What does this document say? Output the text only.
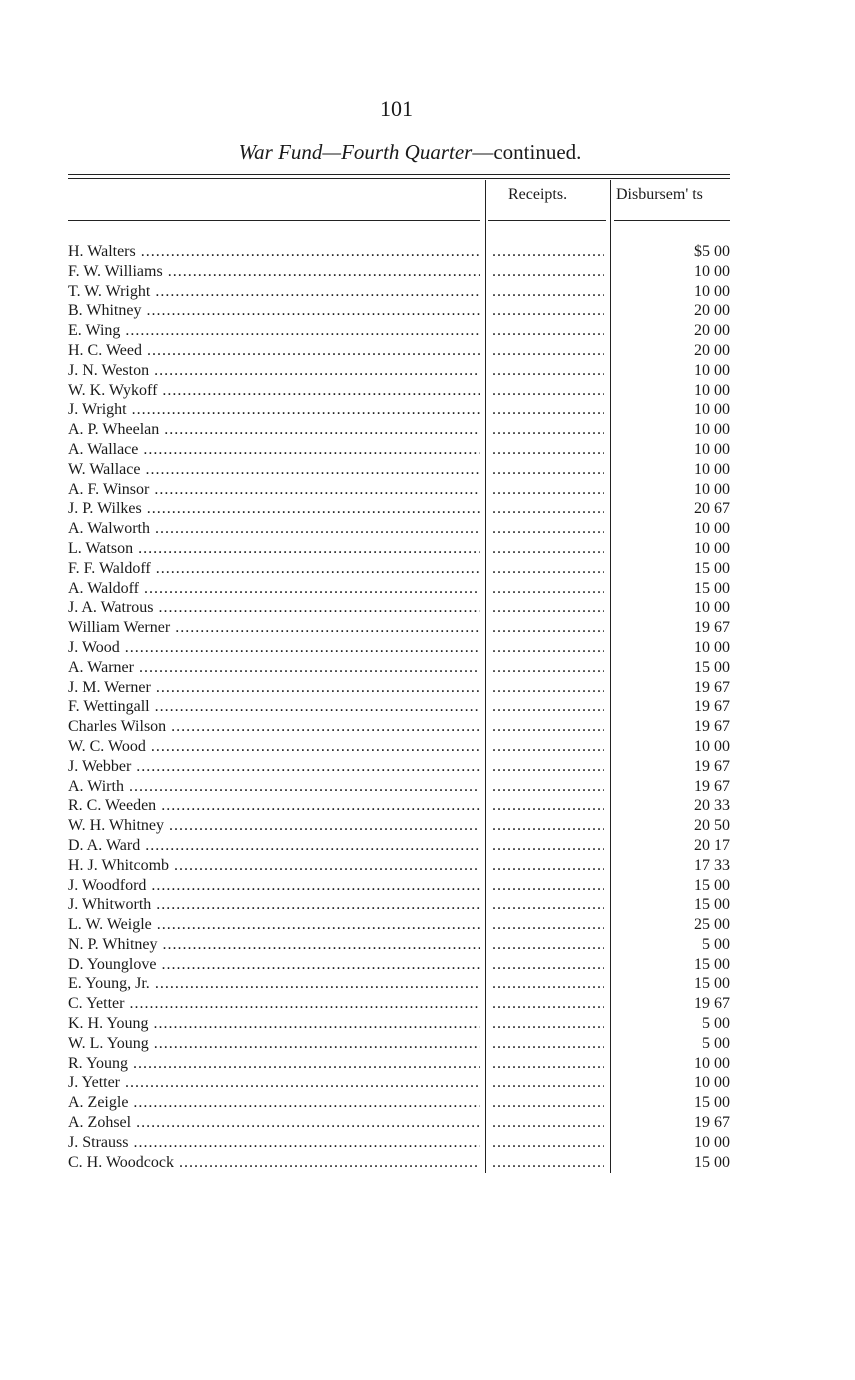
101
War Fund—Fourth Quarter—continued.
Receipts.	Disbursem' ts
H. Walters ..... .....	$5 00
F. W. Williams ..... .....	10 00
T. W. Wright ..... .....	10 00
B. Whitney ..... .....	20 00
E. Wing ..... .....	20 00
H. C. Weed ..... .....	20 00
J. N. Weston ..... .....	10 00
W. K. Wykoff ..... .....	10 00
J. Wright ..... .....	10 00
A. P. Wheelan ..... .....	10 00
A. Wallace ..... .....	10 00
W. Wallace ..... .....	10 00
A. F. Winsor ..... .....	10 00
J. P. Wilkes ..... .....	20 67
A. Walworth ..... .....	10 00
L. Watson ..... .....	10 00
F. F. Waldoff ..... .....	15 00
A. Waldoff ..... .....	15 00
J. A. Watrous ..... .....	10 00
William Werner ..... .....	19 67
J. Wood ..... .....	10 00
A. Warner ..... .....	15 00
J. M. Werner ..... .....	19 67
F. Wettingall ..... .....	19 67
Charles Wilson ..... .....	19 67
W. C. Wood ..... .....	10 00
J. Webber ..... .....	19 67
A. Wirth ..... .....	19 67
R. C. Weeden ..... .....	20 33
W. H. Whitney ..... .....	20 50
D. A. Ward ..... .....	20 17
H. J. Whitcomb ..... .....	17 33
J. Woodford ..... .....	15 00
J. Whitworth ..... .....	15 00
L. W. Weigle ..... .....	25 00
N. P. Whitney ..... .....	5 00
D. Younglove ..... .....	15 00
E. Young, Jr. ..... .....	15 00
C. Yetter ..... .....	19 67
K. H. Young ..... .....	5 00
W. L. Young ..... .....	5 00
R. Young ..... .....	10 00
J. Yetter ..... .....	10 00
A. Zeigle ..... .....	15 00
A. Zohsel ..... .....	19 67
J. Strauss ..... .....	10 00
C. H. Woodcock ..... .....	15 00
